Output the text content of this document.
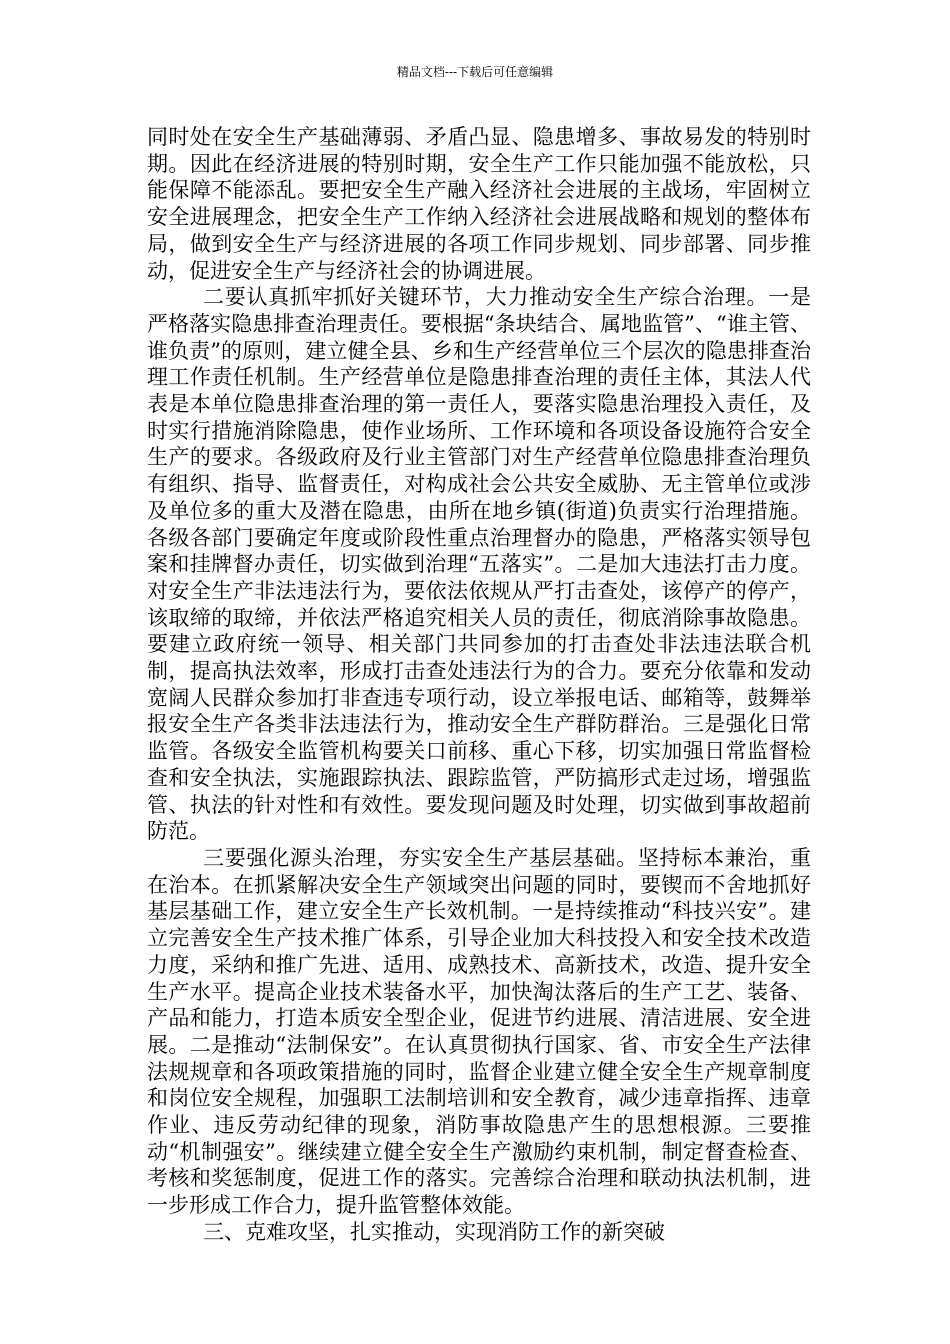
精品文档---下载后可任意编辑

同时处在安全生产基础薄弱、矛盾凸显、隐患增多、事故易发的特别时期。因此在经济进展的特别时期，安全生产工作只能加强不能放松，只能保障不能添乱。要把安全生产融入经济社会进展的主战场，牢固树立安全进展理念，把安全生产工作纳入经济社会进展战略和规划的整体布局，做到安全生产与经济进展的各项工作同步规划、同步部署、同步推动，促进安全生产与经济社会的协调进展。

二要认真抓牢抓好关键环节，大力推动安全生产综合治理。一是严格落实隐患排查治理责任。要根据“条块结合、属地监管”、“谁主管、谁负责”的原则，建立健全县、乡和生产经营单位三个层次的隐患排查治理工作责任机制。生产经营单位是隐患排查治理的责任主体，其法人代表是本单位隐患排查治理的第一责任人，要落实隐患治理投入责任，及时实行措施消除隐患，使作业场所、工作环境和各项设备设施符合安全生产的要求。各级政府及行业主管部门对生产经营单位隐患排查治理负有组织、指导、监督责任，对构成社会公共安全威胁、无主管单位或涉及单位多的重大及潜在隐患，由所在地乡镇(街道)负责实行治理措施。各级各部门要确定年度或阶段性重点治理督办的隐患，严格落实领导包案和挂牌督办责任，切实做到治理“五落实”。二是加大违法打击力度。对安全生产非法违法行为，要依法依规从严打击查处，该停产的停产，该取缔的取缔，并依法严格追究相关人员的责任，彻底消除事故隐患。要建立政府统一领导、相关部门共同参加的打击查处非法违法联合机制，提高执法效率，形成打击查处违法行为的合力。要充分依靠和发动宽阔人民群众参加打非查违专项行动，设立举报电话、邮箱等，鼓舞举报安全生产各类非法违法行为，推动安全生产群防群治。三是强化日常监管。各级安全监管机构要关口前移、重心下移，切实加强日常监督检查和安全执法，实施跟踪执法、跟踪监管，严防搞形式走过场，增强监管、执法的针对性和有效性。要发现问题及时处理，切实做到事故超前防范。

三要强化源头治理，夯实安全生产基层基础。坚持标本兼治，重在治本。在抓紧解决安全生产领域突出问题的同时，要锲而不舍地抓好基层基础工作，建立安全生产长效机制。一是持续推动“科技兴安”。建立完善安全生产技术推广体系，引导企业加大科技投入和安全技术改造力度，采纳和推广先进、适用、成熟技术、高新技术，改造、提升安全生产水平。提高企业技术装备水平，加快淘汰落后的生产工艺、装备、产品和能力，打造本质安全型企业，促进节约进展、清洁进展、安全进展。二是推动“法制保安”。在认真贯彻执行国家、省、市安全生产法律法规规章和各项政策措施的同时，监督企业建立健全安全生产规章制度和岗位安全规程，加强职工法制培训和安全教育，减少违章指挥、违章作业、违反劳动纪律的现象，消防事故隐患产生的思想根源。三要推动“机制强安”。继续建立健全安全生产激励约束机制，制定督查检查、考核和奖惩制度，促进工作的落实。完善综合治理和联动执法机制，进一步形成工作合力，提升监管整体效能。

三、克难攻坚，扎实推动，实现消防工作的新突破
